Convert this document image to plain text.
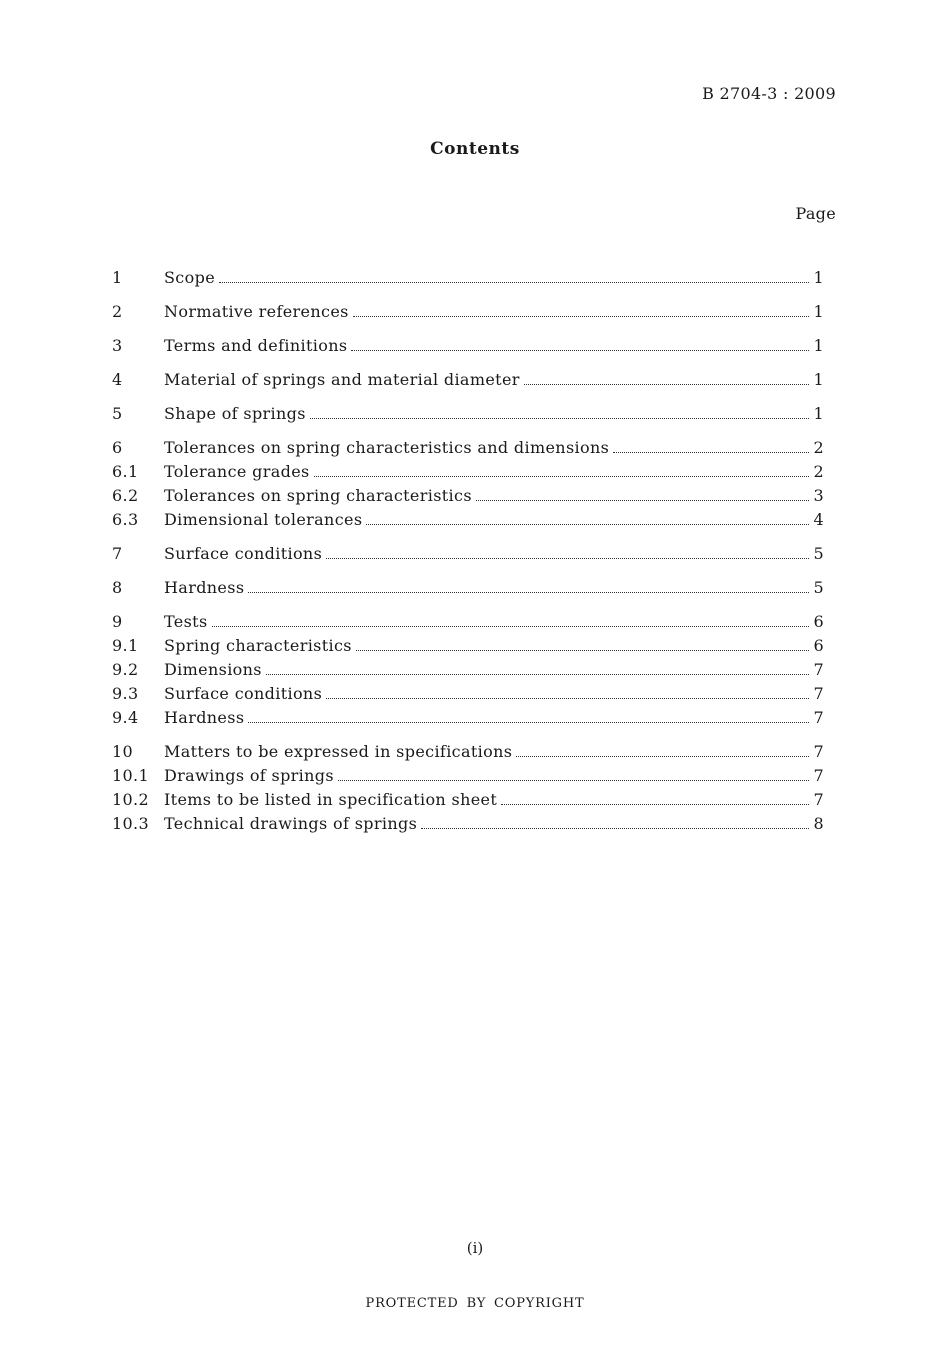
B 2704-3 : 2009
Contents
Page
1	Scope	1
2	Normative references	1
3	Terms and definitions	1
4	Material of springs and material diameter	1
5	Shape of springs	1
6	Tolerances on spring characteristics and dimensions	2
6.1	Tolerance grades	2
6.2	Tolerances on spring characteristics	3
6.3	Dimensional tolerances	4
7	Surface conditions	5
8	Hardness	5
9	Tests	6
9.1	Spring characteristics	6
9.2	Dimensions	7
9.3	Surface conditions	7
9.4	Hardness	7
10	Matters to be expressed in specifications	7
10.1 Drawings of springs	7
10.2 Items to be listed in specification sheet	7
10.3 Technical drawings of springs	8
(i)
PROTECTED BY COPYRIGHT
